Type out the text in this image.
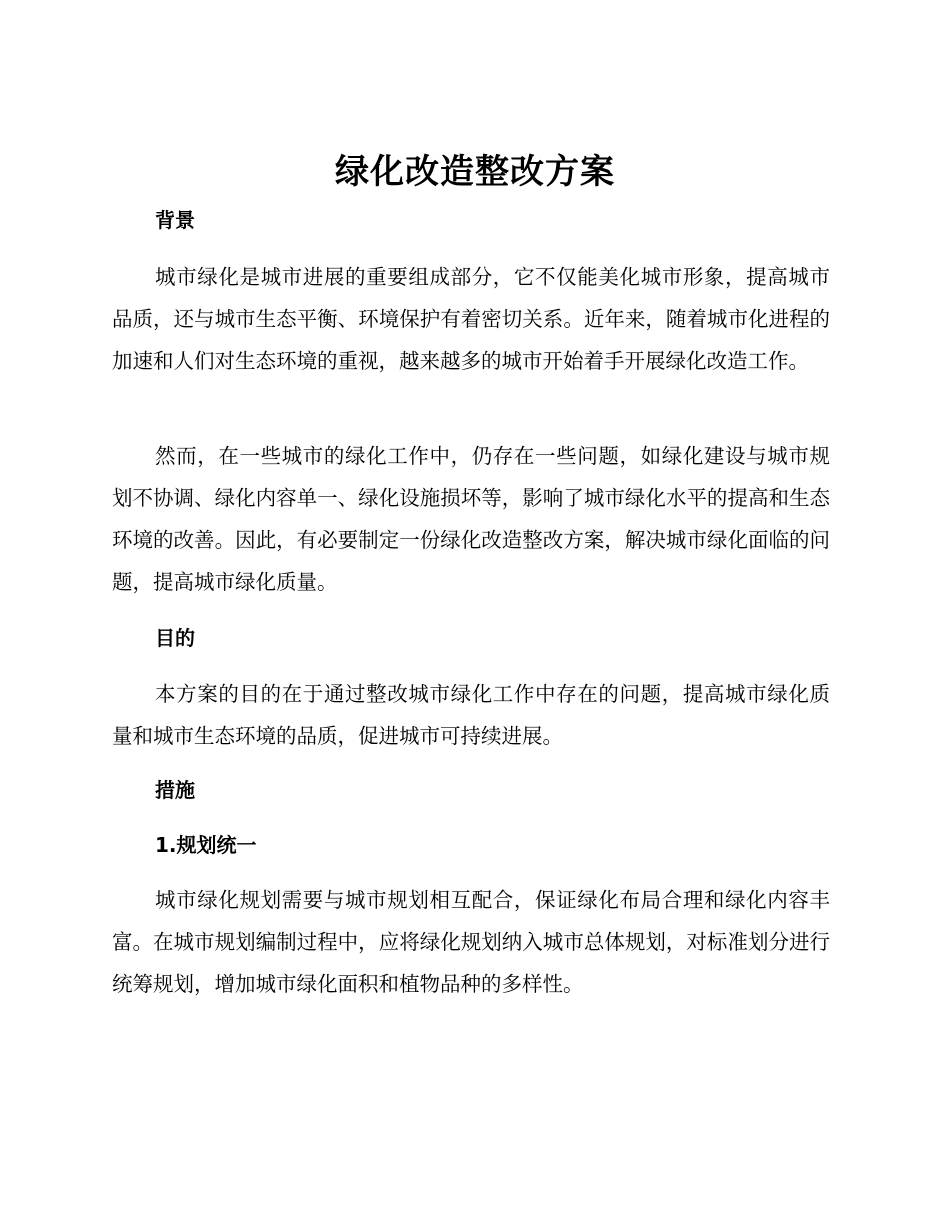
绿化改造整改方案
背景

城市绿化是城市进展的重要组成部分，它不仅能美化城市形象，提高城市品质，还与城市生态平衡、环境保护有着密切关系。近年来，随着城市化进程的加速和人们对生态环境的重视，越来越多的城市开始着手开展绿化改造工作。

然而，在一些城市的绿化工作中，仍存在一些问题，如绿化建设与城市规划不协调、绿化内容单一、绿化设施损坏等，影响了城市绿化水平的提高和生态环境的改善。因此，有必要制定一份绿化改造整改方案，解决城市绿化面临的问题，提高城市绿化质量。

目的

本方案的目的在于通过整改城市绿化工作中存在的问题，提高城市绿化质量和城市生态环境的品质，促进城市可持续进展。

措施
1.规划统一

城市绿化规划需要与城市规划相互配合，保证绿化布局合理和绿化内容丰富。在城市规划编制过程中，应将绿化规划纳入城市总体规划，对标准划分进行统筹规划，增加城市绿化面积和植物品种的多样性。
